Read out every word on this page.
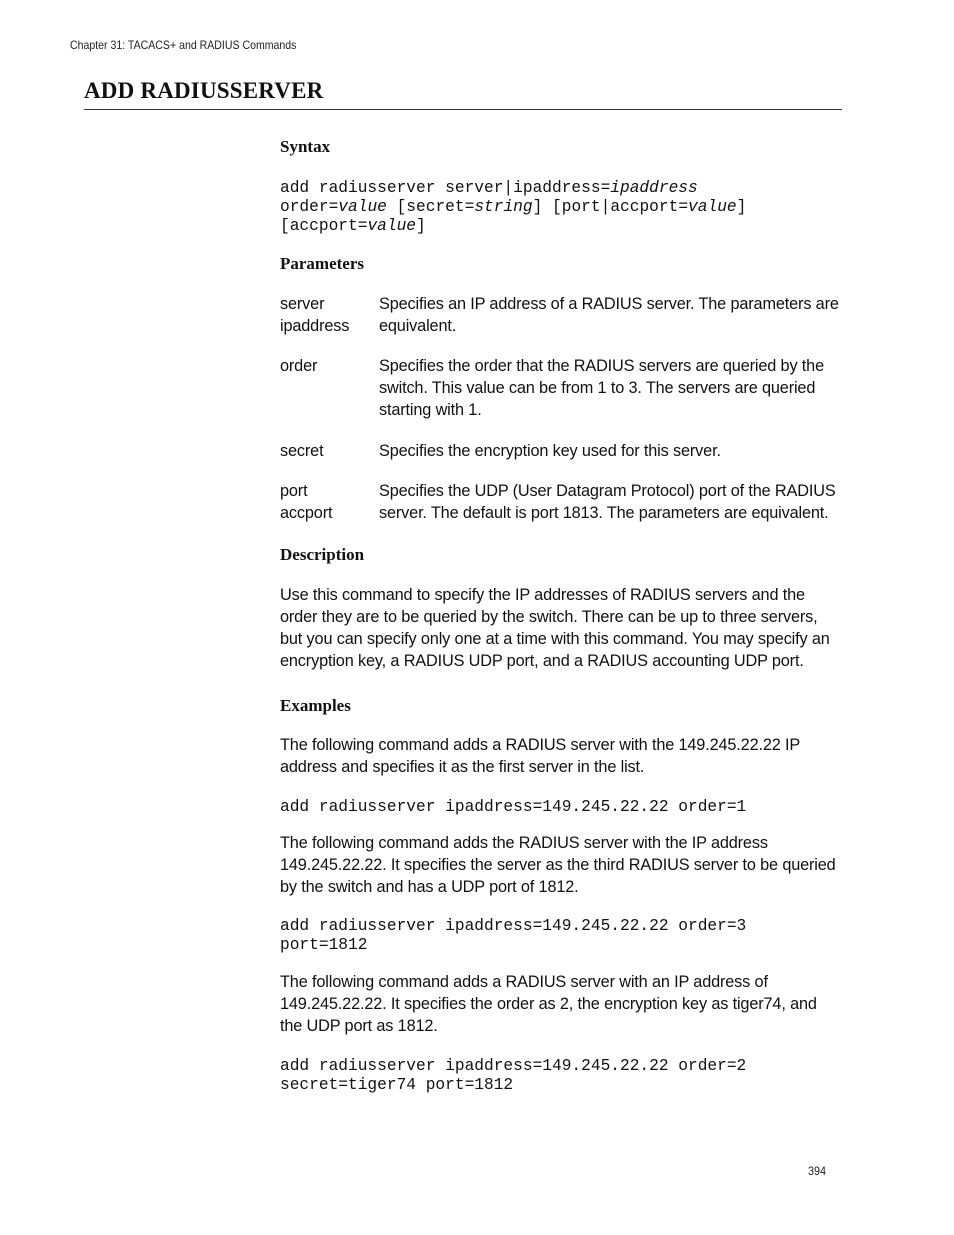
Chapter 31: TACACS+ and RADIUS Commands
ADD RADIUSSERVER
Syntax
add radiusserver server|ipaddress=ipaddress
order=value [secret=string] [port|accport=value]
[accport=value]
Parameters
server
ipaddress
Specifies an IP address of a RADIUS server. The parameters are equivalent.
order	Specifies the order that the RADIUS servers are queried by the switch. This value can be from 1 to 3. The servers are queried starting with 1.
secret	Specifies the encryption key used for this server.
port
accport
Specifies the UDP (User Datagram Protocol) port of the RADIUS server. The default is port 1813. The parameters are equivalent.
Description

Use this command to specify the IP addresses of RADIUS servers and the order they are to be queried by the switch. There can be up to three servers, but you can specify only one at a time with this command. You may specify an encryption key, a RADIUS UDP port, and a RADIUS accounting UDP port.

Examples

The following command adds a RADIUS server with the 149.245.22.22 IP address and specifies it as the first server in the list.

add radiusserver ipaddress=149.245.22.22 order=1

The following command adds the RADIUS server with the IP address 149.245.22.22. It specifies the server as the third RADIUS server to be queried by the switch and has a UDP port of 1812.

add radiusserver ipaddress=149.245.22.22 order=3
port=1812

The following command adds a RADIUS server with an IP address of 149.245.22.22. It specifies the order as 2, the encryption key as tiger74, and the UDP port as 1812.

add radiusserver ipaddress=149.245.22.22 order=2
secret=tiger74 port=1812
394
